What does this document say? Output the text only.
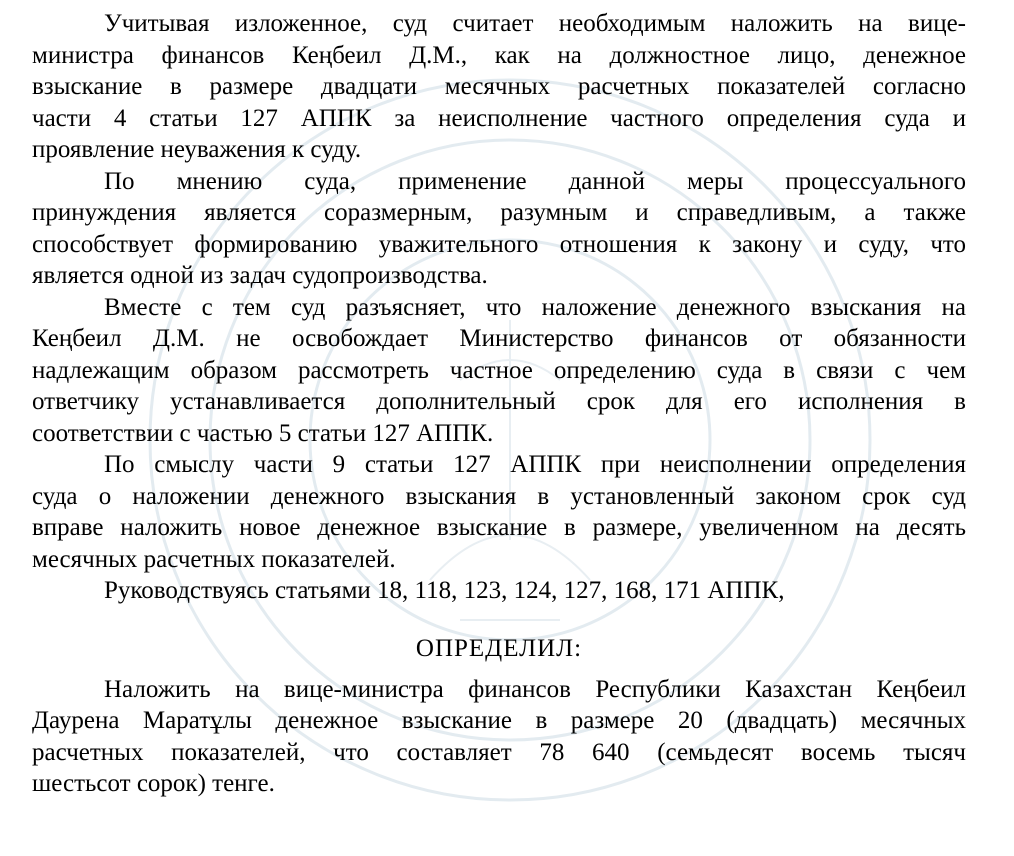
Учитывая изложенное, суд считает необходимым наложить на вице-
министра финансов Кеңбеил Д.М., как на должностное лицо, денежное
взыскание в размере двадцати месячных расчетных показателей согласно
части 4 статьи 127 АППК за неисполнение частного определения суда и
проявление неуважения к суду.
По мнению суда, применение данной меры процессуального
принуждения является соразмерным, разумным и справедливым, а также
способствует формированию уважительного отношения к закону и суду, что
является одной из задач судопроизводства.
Вместе с тем суд разъясняет, что наложение денежного взыскания на
Кеңбеил Д.М. не освобождает Министерство финансов от обязанности
надлежащим образом рассмотреть частное определению суда в связи с чем
ответчику устанавливается дополнительный срок для его исполнения в
соответствии с частью 5 статьи 127 АППК.
По смыслу части 9 статьи 127 АППК при неисполнении определения
суда о наложении денежного взыскания в установленный законом срок суд
вправе наложить новое денежное взыскание в размере, увеличенном на десять
месячных расчетных показателей.
Руководствуясь статьями 18, 118, 123, 124, 127, 168, 171 АППК,
ОПРЕДЕЛИЛ:
Наложить на вице-министра финансов Республики Казахстан Кеңбеил
Даурена Маратұлы денежное взыскание в размере 20 (двадцать) месячных
расчетных показателей, что составляет 78 640 (семьдесят восемь тысяч
шестьсот сорок) тенге.
